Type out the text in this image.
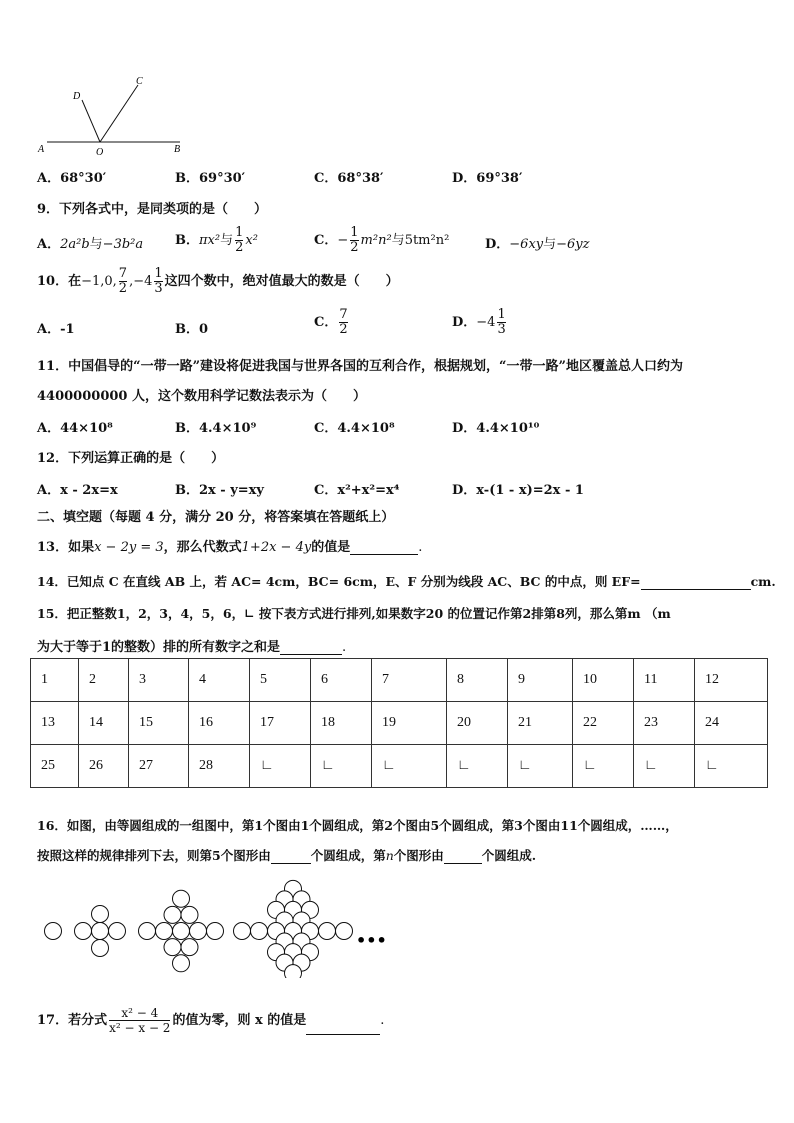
A	O	B
D
C
A．68°30′	B．69°30′	C．68°38′	D．69°38′
9．下列各式中，是同类项的是（　　）
A．2a²b与−3b²a B．πx²与 $\frac{1}{2} x^2$	C．− $\frac{1}{2} m^2n^2$与5tm²n²	D．−6xy与−6yz
10．在−1,0, $\frac{7}{2} ,-4 \frac{1}{3}$ 这四个数中，绝对值最大的数是（　　）
A．-1	B．0	C． $\frac{7}{2}$	D．$-4 \frac{1}{3}$
11．中国倡导的“一带一路”建设将促进我国与世界各国的互利合作，根据规划，“一带一路”地区覆盖总人口约为
4400000000 人，这个数用科学记数法表示为（　　）
A．44×10⁸	B．4.4×10⁹	C．4.4×10⁸	D．4.4×10¹⁰
12．下列运算正确的是（　　）
A．x - 2x=x	B．2x - y=xy	C．x²+x²=x⁴	D．x-(1 - x)=2x - 1
二、填空题（每题 4 分，满分 20 分，将答案填在答题纸上）
13．如果x − 2y = 3，那么代数式1+2x − 4y的值是	.
14．已知点 C 在直线 AB 上，若 AC= 4cm，BC= 6cm，E、F 分别为线段 AC、BC 的中点，则 EF=	cm.
15．把正整数1，2，3，4，5，6，∟ 按下表方式进行排列,如果数字20 的位置记作第2排第8列，那么第m （m
为大于等于1的整数）排的所有数字之和是	.
1	2	3	4	5	6	7	8	9	10	11	12
13	14	15	16	17	18	19	20	21	22	23	24
25	26	27	28	∟	∟	∟	∟	∟	∟	∟	∟
16．如图，由等圆组成的一组图中，第1个图由1个圆组成，第2个图由5个圆组成，第3个图由11个圆组成，……，
按照这样的规律排列下去，则第5个图形由	个圆组成，第n个图形由	个圆组成.
•••
17．若分式 $\frac{\text{x² − 4}}{\text{x² − x − 2}}$ 的值为零，则 x 的值是	.
